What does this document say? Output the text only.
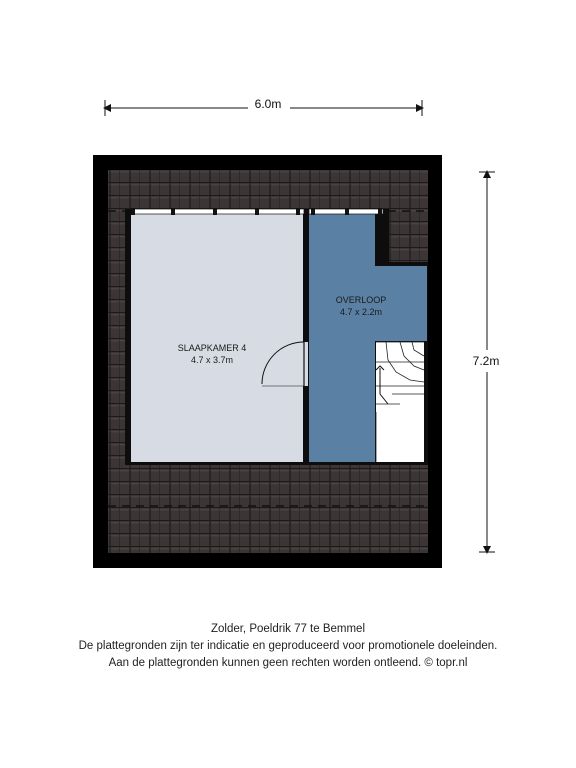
6.0m
7.2m
SLAAPKAMER 4
4.7 x 3.7m
OVERLOOP
4.7 x 2.2m
Zolder, Poeldrik 77 te Bemmel
De plattegronden zijn ter indicatie en geproduceerd voor promotionele doeleinden.
Aan de plattegronden kunnen geen rechten worden ontleend. © topr.nl
